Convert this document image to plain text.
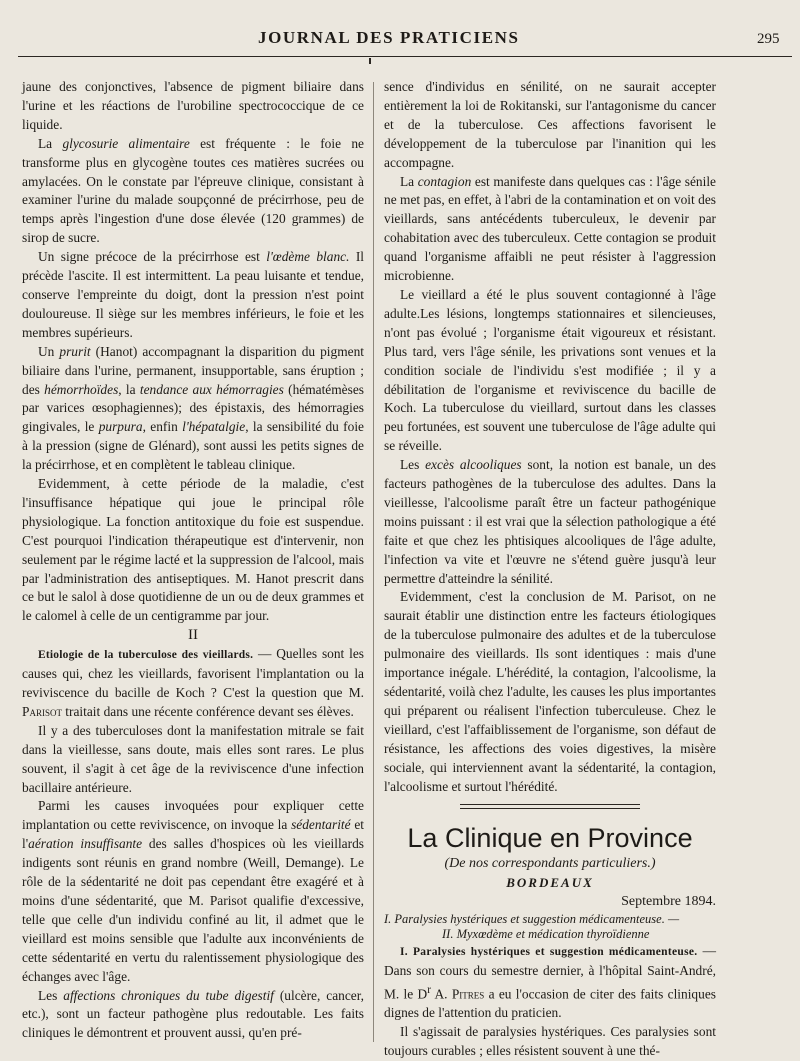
JOURNAL DES PRATICIENS	295

jaune des conjonctives, l'absence de pigment biliaire dans l'urine et les réactions de l'urobiline spectrococcique de ce liquide.

La glycosurie alimentaire est fréquente : le foie ne transforme plus en glycogène toutes ces matières sucrées ou amylacées. On le constate par l'épreuve clinique, consistant à examiner l'urine du malade soupçonné de précirrhose, peu de temps après l'ingestion d'une dose élevée (120 grammes) de sirop de sucre.

Un signe précoce de la précirrhose est l'œdème blanc. Il précède l'ascite. Il est intermittent. La peau luisante et tendue, conserve l'empreinte du doigt, dont la pression n'est point douloureuse. Il siège sur les membres inférieurs, le foie et les membres supérieurs.

Un prurit (Hanot) accompagnant la disparition du pigment biliaire dans l'urine, permanent, insupportable, sans éruption ; des hémorrhoïdes, la tendance aux hémorragies (hématémèses par varices œsophagiennes); des épistaxis, des hémorragies gingivales, le purpura, enfin l'hépatalgie, la sensibilité du foie à la pression (signe de Glénard), sont aussi les petits signes de la précirrhose, et en complètent le tableau clinique.

Evidemment, à cette période de la maladie, c'est l'insuffisance hépatique qui joue le principal rôle physiologique. La fonction antitoxique du foie est suspendue. C'est pourquoi l'indication thérapeutique est d'intervenir, non seulement par le régime lacté et la suppression de l'alcool, mais par l'administration des antiseptiques. M. Hanot prescrit dans ce but le salol à dose quotidienne de un ou de deux grammes et le calomel à celle de un centigramme par jour.

II

Etiologie de la tuberculose des vieillards. — Quelles sont les causes qui, chez les vieillards, favorisent l'implantation ou la reviviscence du bacille de Koch ? C'est la question que M. Parisot traitait dans une récente conférence devant ses élèves.

Il y a des tuberculoses dont la manifestation mitrale se fait dans la vieillesse, sans doute, mais elles sont rares. Le plus souvent, il s'agit à cet âge de la reviviscence d'une infection bacillaire antérieure.

Parmi les causes invoquées pour expliquer cette implantation ou cette reviviscence, on invoque la sédentarité et l'aération insuffisante des salles d'hospices où les vieillards indigents sont réunis en grand nombre (Weill, Demange). Le rôle de la sédentarité ne doit pas cependant être exagéré et à moins d'une sédentarité, que M. Parisot qualifie d'excessive, telle que celle d'un individu confiné au lit, il admet que le vieillard est moins sensible que l'adulte aux inconvénients de cette sédentarité en vertu du ralentissement physiologique des échanges avec l'âge.

Les affections chroniques du tube digestif (ulcère, cancer, etc.), sont un facteur pathogène plus redoutable. Les faits cliniques le démontrent et prouvent aussi, qu'en pré-

sence d'individus en sénilité, on ne saurait accepter entièrement la loi de Rokitanski, sur l'antagonisme du cancer et de la tuberculose. Ces affections favorisent le développement de la tuberculose par l'inanition qui les accompagne.

La contagion est manifeste dans quelques cas : l'âge sénile ne met pas, en effet, à l'abri de la contamination et on voit des vieillards, sans antécédents tuberculeux, le devenir par cohabitation avec des tuberculeux. Cette contagion se produit quand l'organisme affaibli ne peut résister à l'aggression microbienne.

Le vieillard a été le plus souvent contagionné à l'âge adulte.Les lésions, longtemps stationnaires et silencieuses, n'ont pas évolué ; l'organisme était vigoureux et résistant. Plus tard, vers l'âge sénile, les privations sont venues et la condition sociale de l'individu s'est modifiée ; il y a débilitation de l'organisme et reviviscence du bacille de Koch. La tuberculose du vieillard, surtout dans les classes peu fortunées, est souvent une tuberculose de l'âge adulte qui se réveille.

Les excès alcooliques sont, la notion est banale, un des facteurs pathogènes de la tuberculose des adultes. Dans la vieillesse, l'alcoolisme paraît être un facteur pathogénique moins puissant : il est vrai que la sélection pathologique a été faite et que chez les phtisiques alcooliques de l'âge adulte, l'infection va vite et l'œuvre ne s'étend guère jusqu'à leur permettre d'atteindre la sénilité.

Evidemment, c'est la conclusion de M. Parisot, on ne saurait établir une distinction entre les facteurs étiologiques de la tuberculose pulmonaire des adultes et de la tuberculose pulmonaire des vieillards. Ils sont identiques : mais d'une importance inégale. L'hérédité, la contagion, l'alcoolisme, la sédentarité, voilà chez l'adulte, les causes les plus importantes qui préparent ou réalisent l'infection tuberculeuse. Chez le vieillard, c'est l'affaiblissement de l'organisme, son défaut de résistance, les affections des voies digestives, la misère sociale, qui interviennent avant la sédentarité, la contagion, l'alcoolisme et surtout l'hérédité.

La Clinique en Province

(De nos correspondants particuliers.)

BORDEAUX

Septembre 1894.

I. Paralysies hystériques et suggestion médicamenteuse. —
II. Myxœdème et médication thyroïdienne

I. Paralysies hystériques et suggestion médicamenteuse. — Dans son cours du semestre dernier, à l'hôpital Saint-André, M. le $D^r$ A. Pitres a eu l'occasion de citer des faits cliniques dignes de l'attention du praticien.

Il s'agissait de paralysies hystériques. Ces paralysies sont toujours curables ; elles résistent souvent à une thé-
